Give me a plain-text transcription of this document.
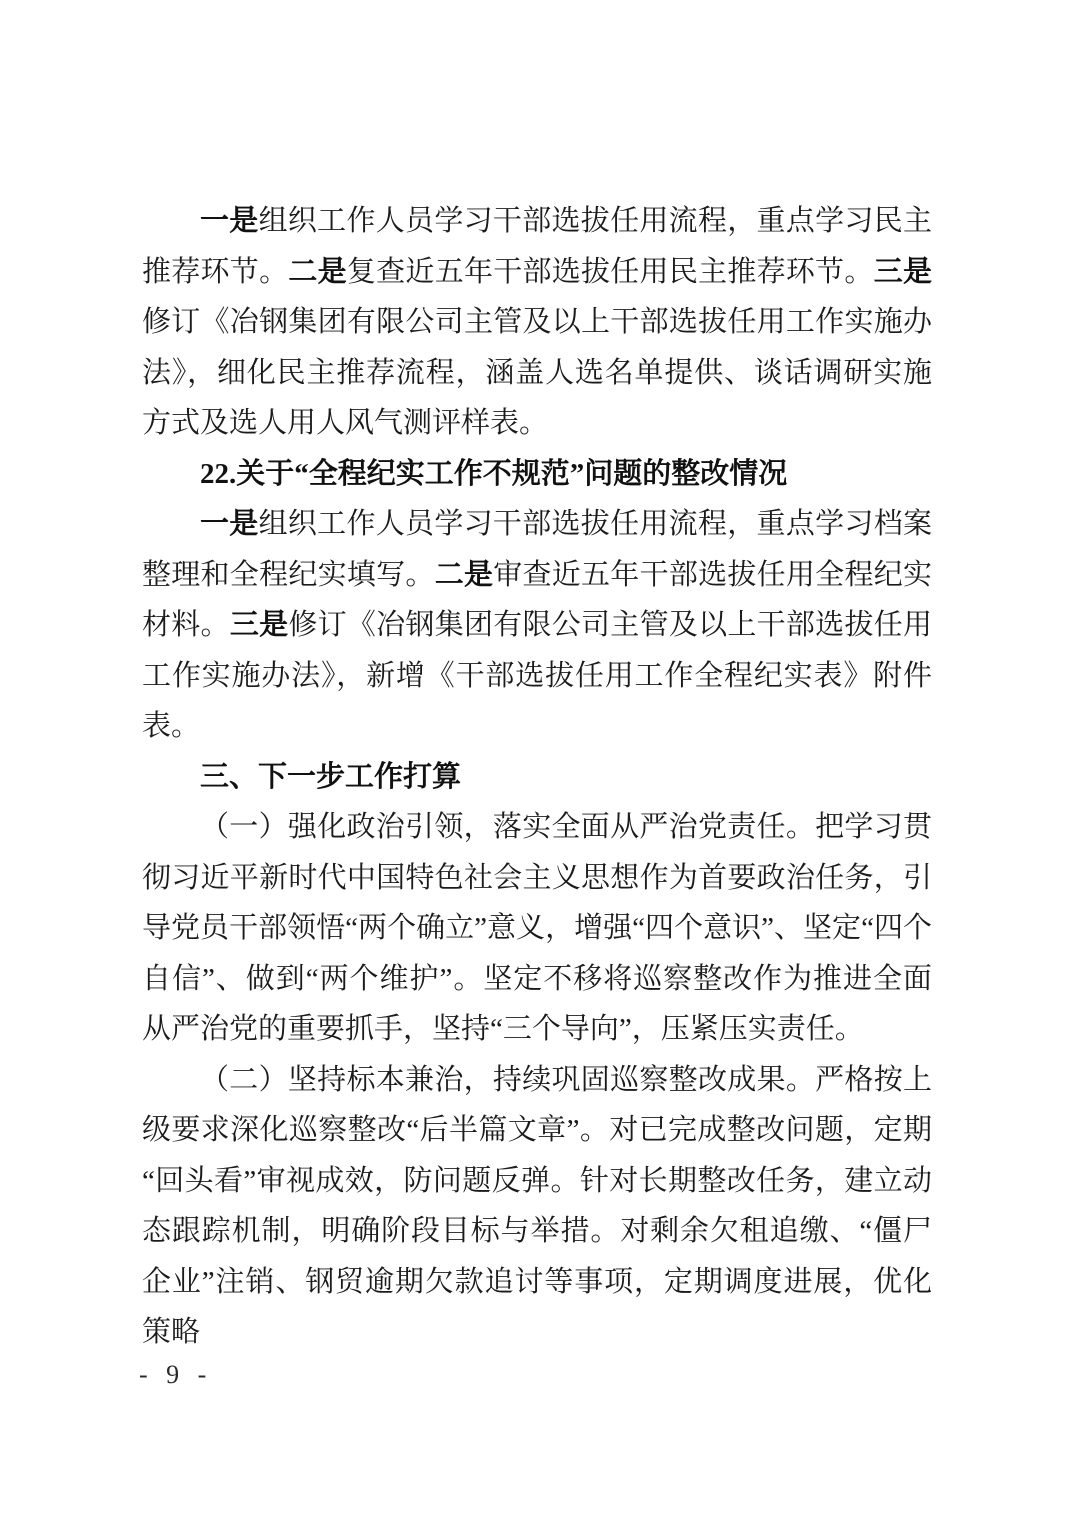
一是组织工作人员学习干部选拔任用流程，重点学习民主推荐环节。二是复查近五年干部选拔任用民主推荐环节。三是修订《冶钢集团有限公司主管及以上干部选拔任用工作实施办法》，细化民主推荐流程，涵盖人选名单提供、谈话调研实施方式及选人用人风气测评样表。

22.关于“全程纪实工作不规范”问题的整改情况

一是组织工作人员学习干部选拔任用流程，重点学习档案整理和全程纪实填写。二是审查近五年干部选拔任用全程纪实材料。三是修订《冶钢集团有限公司主管及以上干部选拔任用工作实施办法》，新增《干部选拔任用工作全程纪实表》附件表。

三、下一步工作打算

（一）强化政治引领，落实全面从严治党责任。把学习贯彻习近平新时代中国特色社会主义思想作为首要政治任务，引导党员干部领悟“两个确立”意义，增强“四个意识”、坚定“四个自信”、做到“两个维护”。坚定不移将巡察整改作为推进全面从严治党的重要抓手，坚持“三个导向”，压紧压实责任。

（二）坚持标本兼治，持续巩固巡察整改成果。严格按上级要求深化巡察整改“后半篇文章”。对已完成整改问题，定期“回头看”审视成效，防问题反弹。针对长期整改任务，建立动态跟踪机制，明确阶段目标与举措。对剩余欠租追缴、“僵尸企业”注销、钢贸逾期欠款追讨等事项，定期调度进展，优化策略

- 9 -
